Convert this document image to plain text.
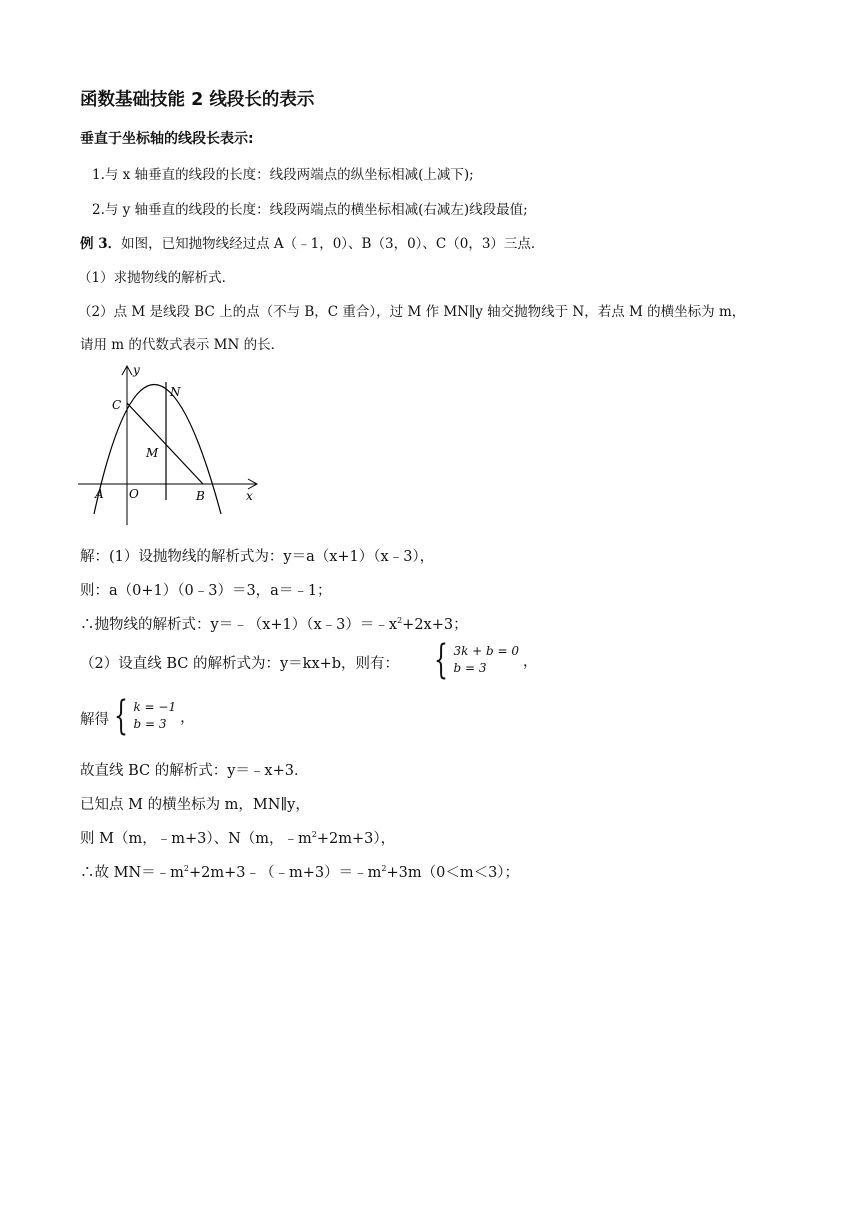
函数基础技能 2 线段长的表示
垂直于坐标轴的线段长表示:
1.与 x 轴垂直的线段的长度：线段两端点的纵坐标相减(上减下);
2.与 y 轴垂直的线段的长度：线段两端点的横坐标相减(右减左)线段最值;
例 3．如图，已知抛物线经过点 A（﹣1，0）、B（3，0）、C（0，3）三点．
（1）求抛物线的解析式．
（2）点 M 是线段 BC 上的点（不与 B，C 重合），过 M 作 MN∥y 轴交抛物线于 N，若点 M 的横坐标为 m，
请用 m 的代数式表示 MN 的长．
y
x
C
N
M
A O	B
解：(1）设抛物线的解析式为：y＝a（x+1）（x﹣3），
则：a（0+1）（0﹣3）＝3，a＝﹣1；
∴抛物线的解析式：$y=﹣(x+1)(x﹣3)=﹣x^2+2x+3$；
（2）设直线 BC 的解析式为：y＝kx+b，则有： { 3k + b = 0
b = 3	，
解得 { k = −1
b = 3 ，
故直线 BC 的解析式：y＝﹣x+3．
已知点 M 的横坐标为 m，MN∥y，
则 M（m，﹣m+3）、N（m，$﹣m^2+2m+3$），
∴故 $MN=﹣m^2+2m+3﹣(﹣m+3)=﹣m^2+3m(0<m<3)$；
